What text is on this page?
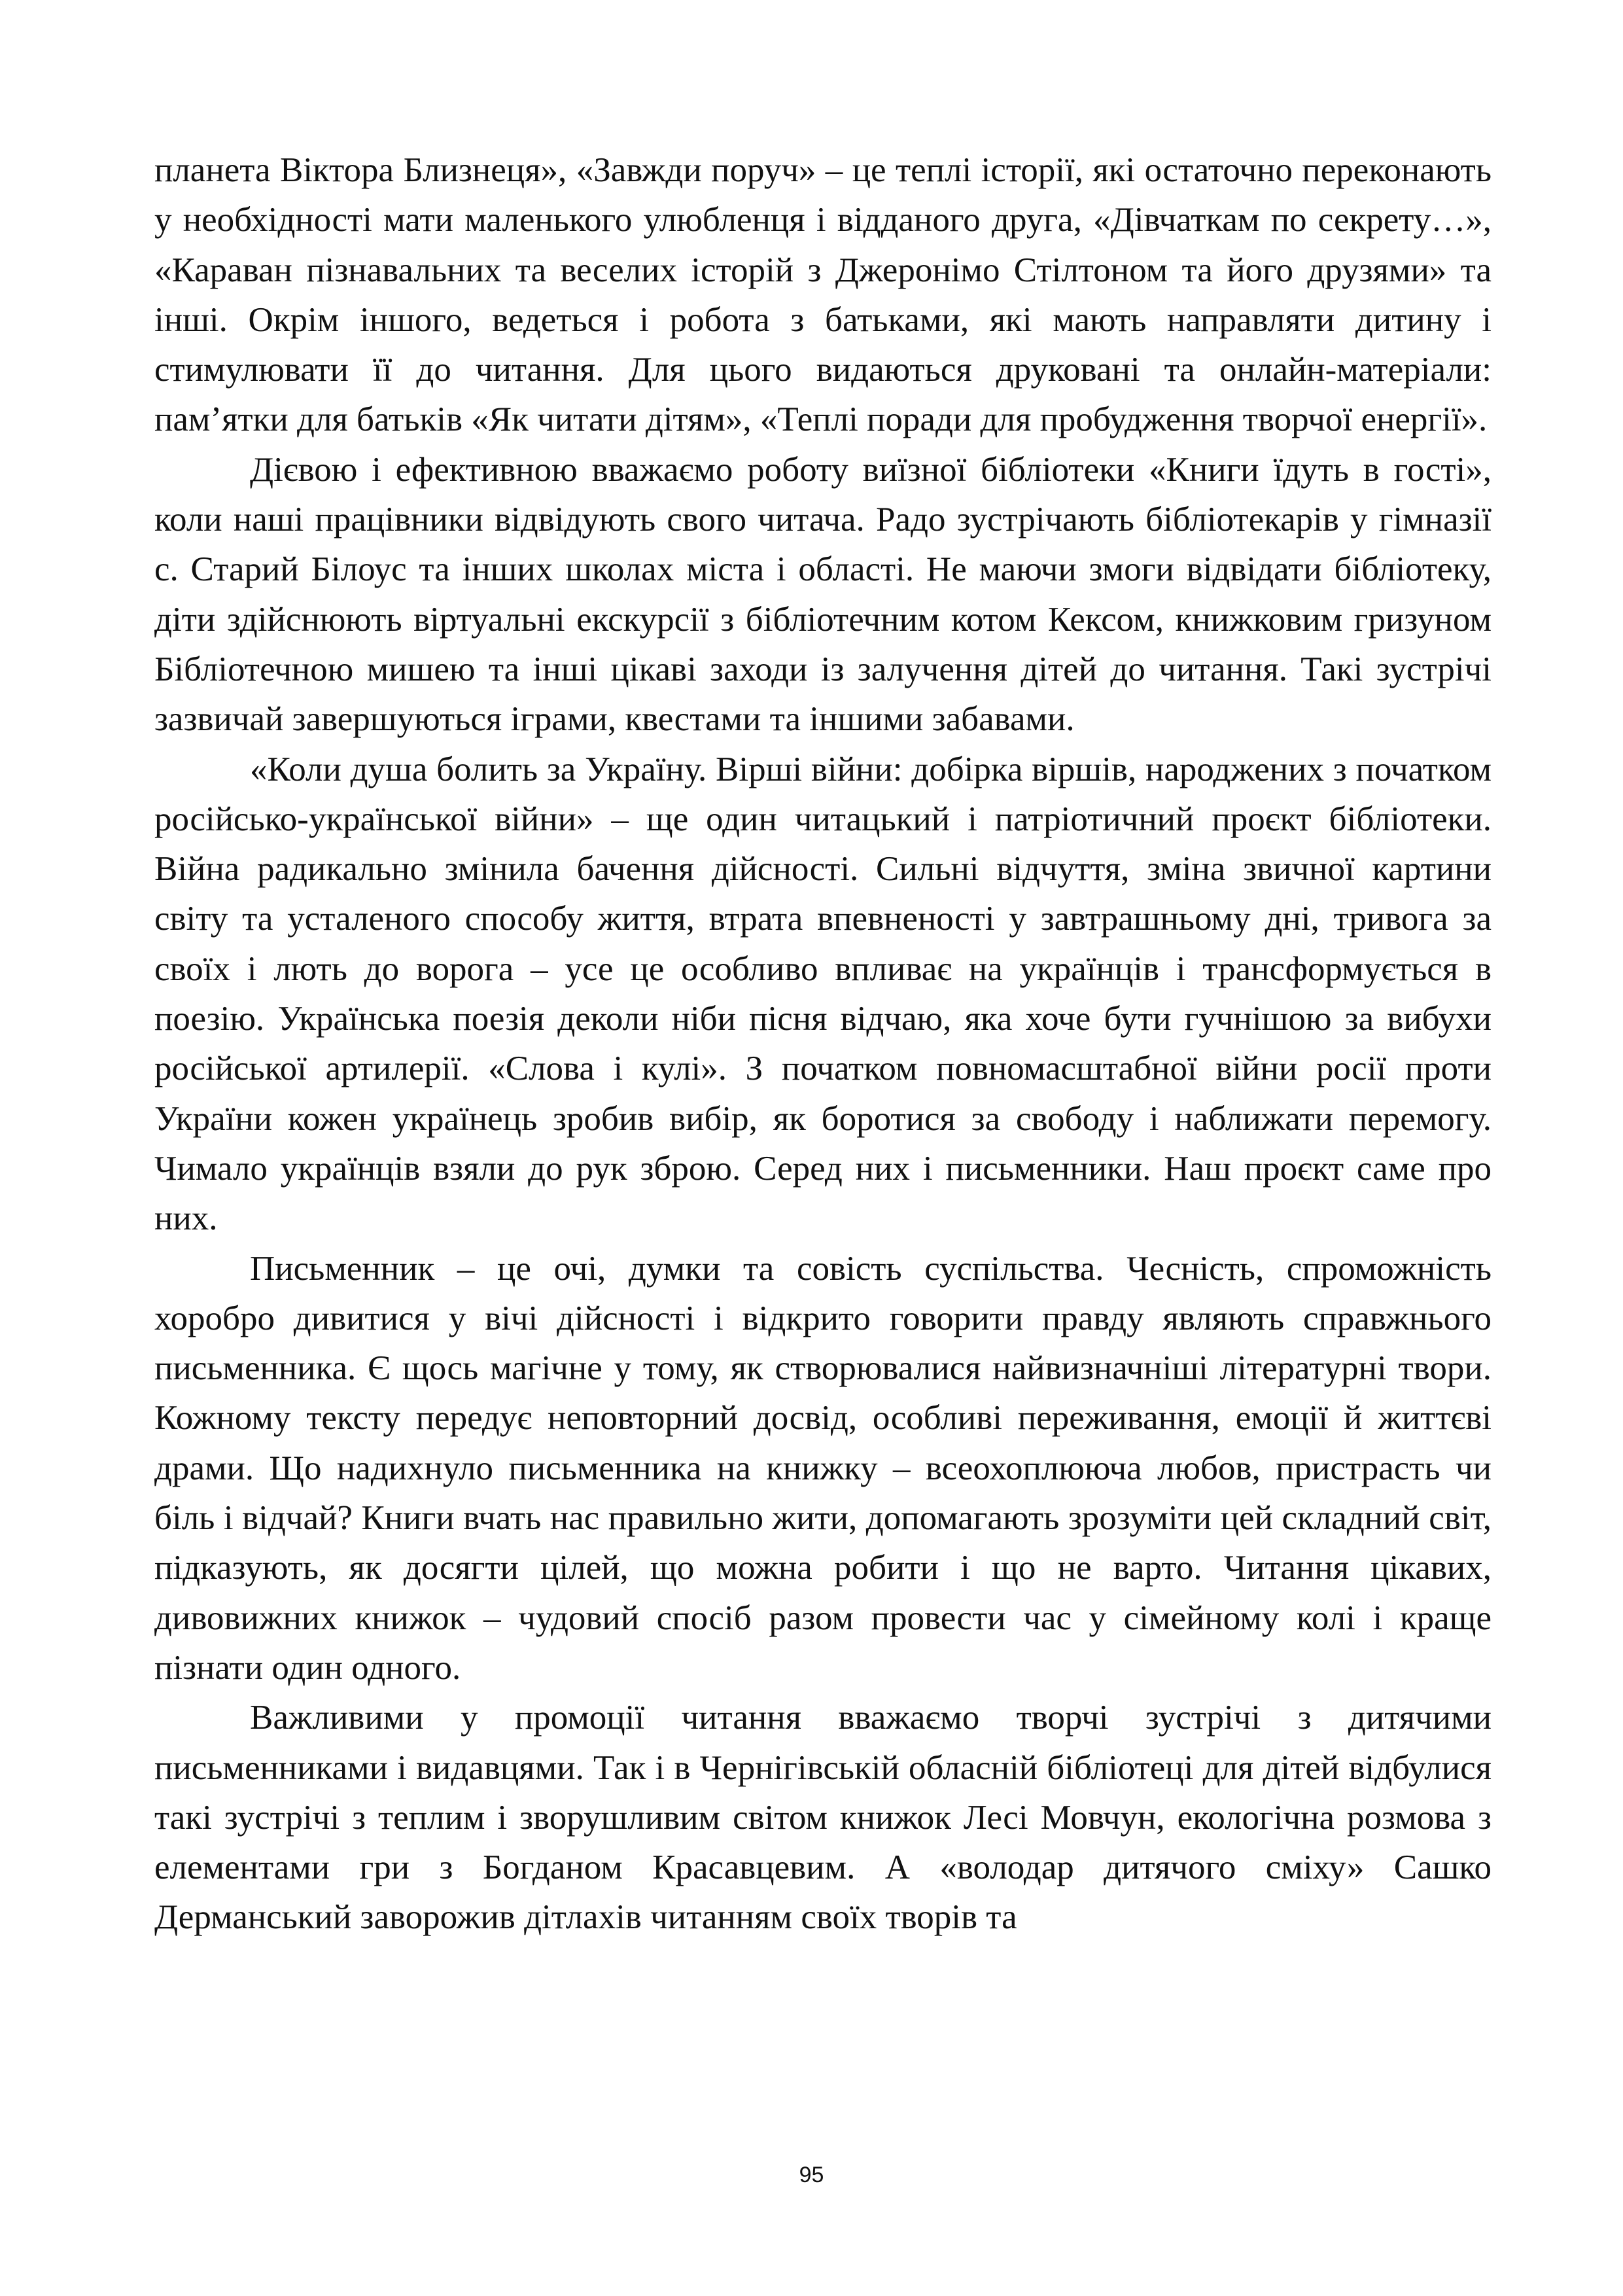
планета Віктора Близнеця», «Завжди поруч» – це теплі історії, які остаточно переконають у необхідності мати маленького улюбленця і відданого друга, «Дівчаткам по секрету…», «Караван пізнавальних та веселих історій з Джеронімо Стілтоном та його друзями» та інші. Окрім іншого, ведеться і робота з батьками, які мають направляти дитину і стимулювати її до читання. Для цього видаються друковані та онлайн-матеріали: пам’ятки для батьків «Як читати дітям», «Теплі поради для пробудження творчої енергії».

Дієвою і ефективною вважаємо роботу виїзної бібліотеки «Книги їдуть в гості», коли наші працівники відвідують свого читача. Радо зустрічають бібліотекарів у гімназії с. Старий Білоус та інших школах міста і області. Не маючи змоги відвідати бібліотеку, діти здійснюють віртуальні екскурсії з бібліотечним котом Кексом, книжковим гризуном Бібліотечною мишею та інші цікаві заходи із залучення дітей до читання. Такі зустрічі зазвичай завершуються іграми, квестами та іншими забавами.

«Коли душа болить за Україну. Вірші війни: добірка віршів, народжених з початком російсько-української війни» – ще один читацький і патріотичний проєкт бібліотеки. Війна радикально змінила бачення дійсності. Сильні відчуття, зміна звичної картини світу та усталеного способу життя, втрата впевненості у завтрашньому дні, тривога за своїх і лють до ворога – усе це особливо впливає на українців і трансформується в поезію. Українська поезія деколи ніби пісня відчаю, яка хоче бути гучнішою за вибухи російської артилерії. «Слова і кулі». З початком повномасштабної війни росії проти України кожен українець зробив вибір, як боротися за свободу і наближати перемогу. Чимало українців взяли до рук зброю. Серед них і письменники. Наш проєкт саме про них.

Письменник – це очі, думки та совість суспільства. Чесність, спроможність хоробро дивитися у вічі дійсності і відкрито говорити правду являють справжнього письменника. Є щось магічне у тому, як створювалися найвизначніші літературні твори. Кожному тексту передує неповторний досвід, особливі переживання, емоції й життєві драми. Що надихнуло письменника на книжку – всеохоплююча любов, пристрасть чи біль і відчай? Книги вчать нас правильно жити, допомагають зрозуміти цей складний світ, підказують, як досягти цілей, що можна робити і що не варто. Читання цікавих, дивовижних книжок – чудовий спосіб разом провести час у сімейному колі і краще пізнати один одного.

Важливими у промоції читання вважаємо творчі зустрічі з дитячими письменниками і видавцями. Так і в Чернігівській обласній бібліотеці для дітей відбулися такі зустрічі з теплим і зворушливим світом книжок Лесі Мовчун, екологічна розмова з елементами гри з Богданом Красавцевим. А «володар дитячого сміху» Сашко Дерманський заворожив дітлахів читанням своїх творів та

95
